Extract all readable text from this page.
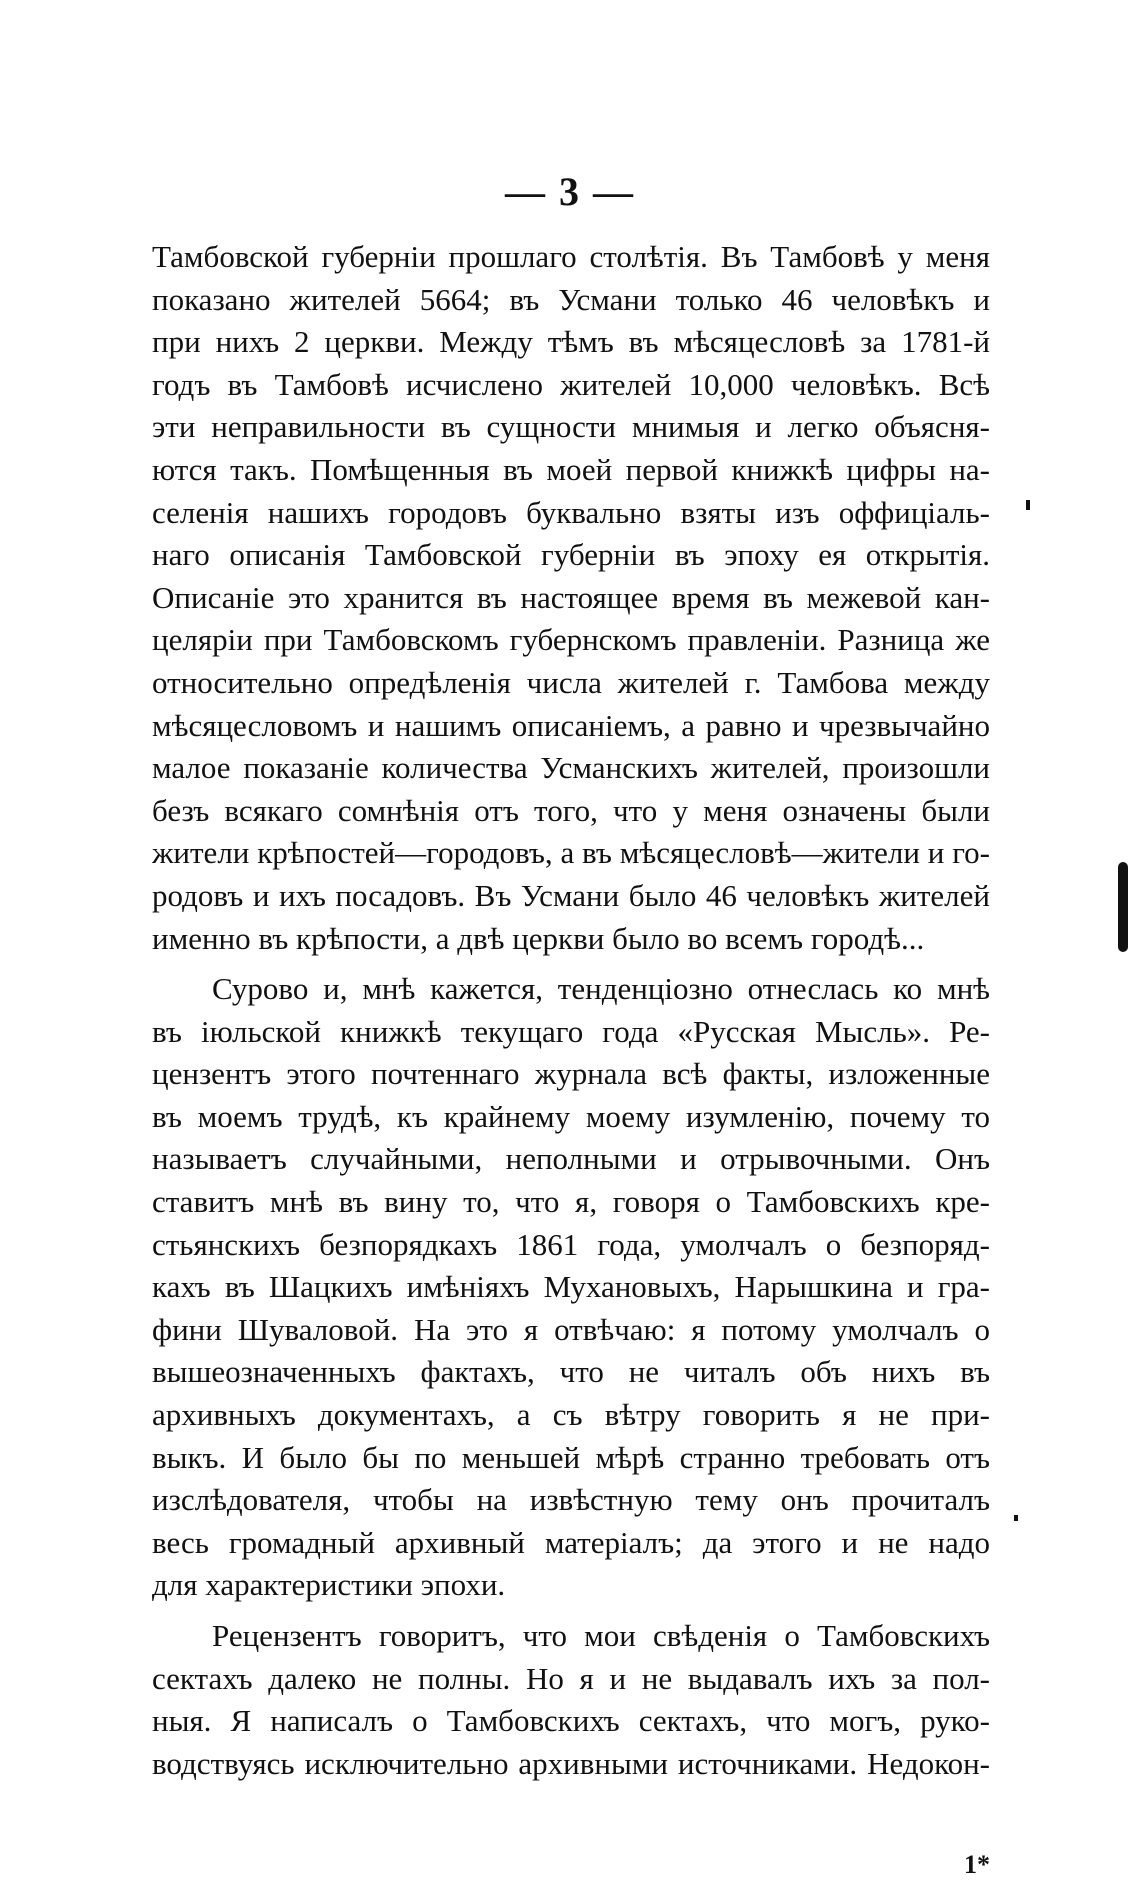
— 3 —
Тамбовской губерніи прошлаго столѣтія. Въ Тамбовѣ у меня
показано жителей 5664; въ Усмани только 46 человѣкъ и
при нихъ 2 церкви. Между тѣмъ въ мѣсяцесловѣ за 1781-й
годъ въ Тамбовѣ исчислено жителей 10,000 человѣкъ. Всѣ
эти неправильности въ сущности мнимыя и легко объясня-
ются такъ. Помѣщенныя въ моей первой книжкѣ цифры на-
селенія нашихъ городовъ буквально взяты изъ оффиціаль-
наго описанія Тамбовской губерніи въ эпоху ея открытія.
Описаніе это хранится въ настоящее время въ межевой кан-
целяріи при Тамбовскомъ губернскомъ правленіи. Разница же
относительно опредѣленія числа жителей г. Тамбова между
мѣсяцесловомъ и нашимъ описаніемъ, а равно и чрезвычайно
малое показаніе количества Усманскихъ жителей, произошли
безъ всякаго сомнѣнія отъ того, что у меня означены были
жители крѣпостей—городовъ, а въ мѣсяцесловѣ—жители и го-
родовъ и ихъ посадовъ. Въ Усмани было 46 человѣкъ жителей
именно въ крѣпости, а двѣ церкви было во всемъ городѣ...
Сурово и, мнѣ кажется, тенденціозно отнеслась ко мнѣ
въ іюльской книжкѣ текущаго года «Русская Мысль». Ре-
цензентъ этого почтеннаго журнала всѣ факты, изложенные
въ моемъ трудѣ, къ крайнему моему изумленію, почему то
называетъ случайными, неполными и отрывочными. Онъ
ставитъ мнѣ въ вину то, что я, говоря о Тамбовскихъ кре-
стьянскихъ безпорядкахъ 1861 года, умолчалъ о безпоряд-
кахъ въ Шацкихъ имѣніяхъ Мухановыхъ, Нарышкина и гра-
фини Шуваловой. На это я отвѣчаю: я потому умолчалъ о
вышеозначенныхъ фактахъ, что не читалъ объ нихъ въ
архивныхъ документахъ, а съ вѣтру говорить я не при-
выкъ. И было бы по меньшей мѣрѣ странно требовать отъ
изслѣдователя, чтобы на извѣстную тему онъ прочиталъ
весь громадный архивный матеріалъ; да этого и не надо
для характеристики эпохи.
Рецензентъ говоритъ, что мои свѣденія о Тамбовскихъ
сектахъ далеко не полны. Но я и не выдавалъ ихъ за пол-
ныя. Я написалъ о Тамбовскихъ сектахъ, что могъ, руко-
водствуясь исключительно архивными источниками. Недокон-
1*
